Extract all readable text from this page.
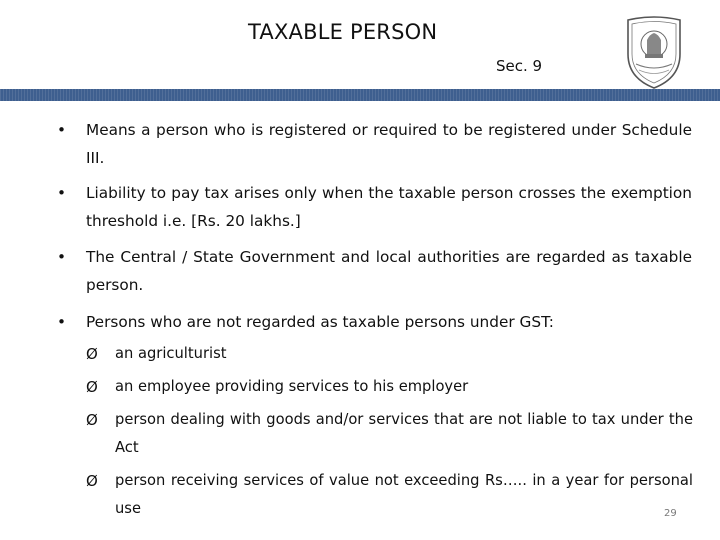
TAXABLE PERSON
Sec. 9
•	Means a person who is registered or required to be registered under Schedule III.
•	Liability to pay tax arises only when the taxable person crosses the exemption threshold i.e. [Rs. 20 lakhs.]
•	The Central / State Government and local authorities are regarded as taxable person.
•	Persons who are not regarded as taxable persons under GST:
Ø	an agriculturist
Ø	an employee providing services to his employer
Ø	person dealing with goods and/or services that are not liable to tax under the Act
Ø	person receiving services of value not exceeding Rs….. in a year for personal use	29
